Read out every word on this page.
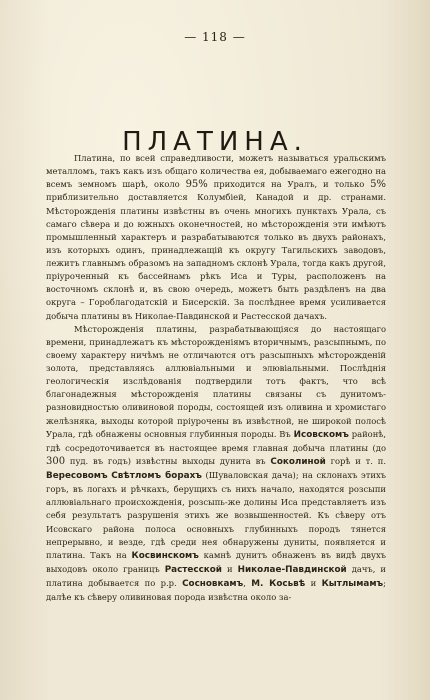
— 118 —
ПЛАТИНА.

Платина, по всей справедливости, можетъ называться уральскимъ металломъ, такъ какъ изъ общаго количества ея, добываемаго ежегодно на всемъ земномъ шарѣ, около 95% приходится на Уралъ, и только 5% приблизительно доставляется Колумбіей, Канадой и др. странами. Мѣсторожденія платины извѣстны въ очень многихъ пунктахъ Урала, съ самаго сѣвера и до южныхъ оконечностей, но мѣсторожденія эти имѣютъ промышленный характеръ и разрабатываются только въ двухъ районахъ, изъ которыхъ одинъ, принадлежащій къ округу Тагильскихъ заводовъ, лежитъ главнымъ образомъ на западномъ склонѣ Урала, тогда какъ другой, пріуроченный къ бассейнамъ рѣкъ Иса и Туры, расположенъ на восточномъ склонѣ и, въ свою очередь, можетъ быть раздѣленъ на два округа – Гороблагодатскій и Бисерскій. За послѣднее время усиливается добыча платины въ Николае-Павдинской и Растесской дачахъ.

Мѣсторожденія платины, разрабатывающіяся до настоящаго времени, принадлежатъ къ мѣсторожденіямъ вторичнымъ, разсыпнымъ, по своему характеру ничѣмъ не отличаются отъ разсыпныхъ мѣсторожденій золота, представляясь аллювіальными и элювіальными. Послѣднія геологическія изслѣдованія подтвердили тотъ фактъ, что всѣ благонадежныя мѣсторожденія платины связаны съ дунитомъ-разновидностью оливиновой породы, состоящей изъ оливина и хромистаго желѣзняка, выходы которой пріурочены въ извѣстной, не широкой полосѣ Урала, гдѣ обнажены основныя глубинныя породы. Въ Исовскомъ районѣ, гдѣ сосредоточивается въ настоящее время главная добыча платины (до 300 пуд. въ годъ) извѣстны выходы дунита въ Соколиной горѣ и т. п. Вересовомъ Свѣтломъ борахъ (Шуваловская дача); на склонахъ этихъ горъ, въ логахъ и рѣчкахъ, берущихъ съ нихъ начало, находятся розсыпи аллювіальнаго происхожденія, розсыпь-же долины Иса представляетъ изъ себя результатъ разрушенія этихъ же возвышенностей. Къ сѣверу отъ Исовскаго района полоса основныхъ глубинныхъ породъ тянется непрерывно, и везде, гдѣ среди нея обнаружены дуниты, появляется и платина. Такъ на Косвинскомъ камнѣ дунитъ обнаженъ въ видѣ двухъ выходовъ около границъ Растесской и Николае-Павдинской дачъ, и платина добывается по р.р. Сосновкамъ, М. Косьвѣ и Кытлымамъ; далѣе къ сѣверу оливиновая порода извѣстна около за-
